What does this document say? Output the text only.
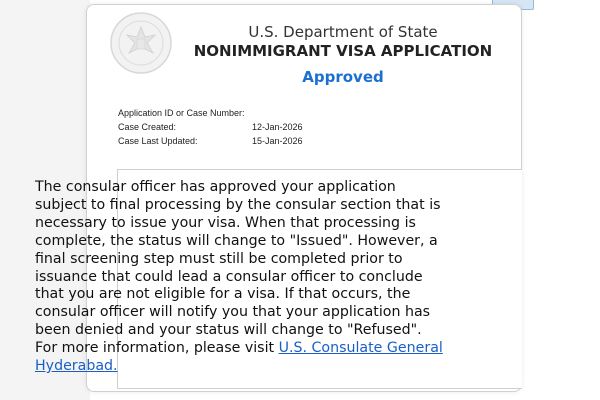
U.S. Department of State
NONIMMIGRANT VISA APPLICATION
Approved
Application ID or Case Number:
Case Created:	12-Jan-2026
Case Last Updated:	15-Jan-2026
The consular officer has approved your application subject to final processing by the consular section that is necessary to issue your visa. When that processing is complete, the status will change to "Issued". However, a final screening step must still be completed prior to issuance that could lead a consular officer to conclude that you are not eligible for a visa. If that occurs, the consular officer will notify you that your application has been denied and your status will change to "Refused". For more information, please visit U.S. Consulate General Hyderabad.
